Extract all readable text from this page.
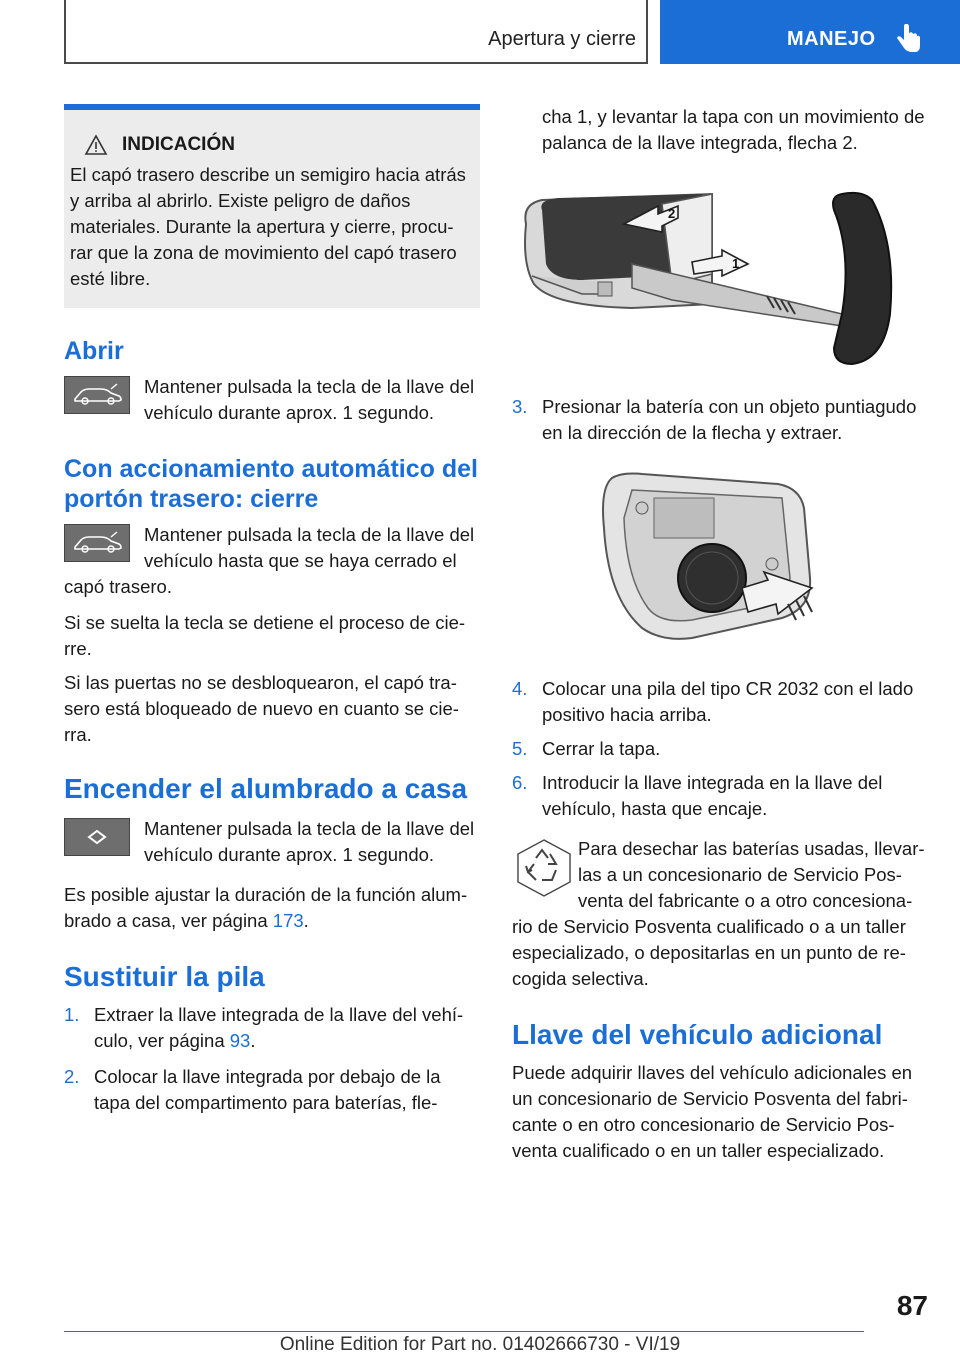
Apertura y cierre	MANEJO
INDICACIÓN

El capó trasero describe un semigiro hacia atrás y arriba al abrirlo. Existe peligro de daños materiales. Durante la apertura y cierre, procu- rar que la zona de movimiento del capó trasero esté libre.

Abrir

Mantener pulsada la tecla de la llave del vehículo durante aprox. 1 segundo.

Con accionamiento automático del portón trasero: cierre

Mantener pulsada la tecla de la llave del vehículo hasta que se haya cerrado el capó trasero.

Si se suelta la tecla se detiene el proceso de cie- rre.

Si las puertas no se desbloquearon, el capó tra- sero está bloqueado de nuevo en cuanto se cie- rra.

Encender el alumbrado a casa

Mantener pulsada la tecla de la llave del vehículo durante aprox. 1 segundo.

Es posible ajustar la duración de la función alum- brado a casa, ver página 173.

Sustituir la pila
1. Extraer la llave integrada de la llave del vehí- culo, ver página 93.
2. Colocar la llave integrada por debajo de la tapa del compartimento para baterías, fle-

cha 1, y levantar la tapa con un movimiento de palanca de la llave integrada, flecha 2.

2
1
3. Presionar la batería con un objeto puntiagudo en la dirección de la flecha y extraer.
4. Colocar una pila del tipo CR 2032 con el lado positivo hacia arriba.
5. Cerrar la tapa.
6. Introducir la llave integrada en la llave del vehículo, hasta que encaje.

Para desechar las baterías usadas, llevar- las a un concesionario de Servicio Pos- venta del fabricante o a otro concesiona- rio de Servicio Posventa cualificado o a un taller especializado, o depositarlas en un punto de re- cogida selectiva.

Llave del vehículo adicional

Puede adquirir llaves del vehículo adicionales en un concesionario de Servicio Posventa del fabri- cante o en otro concesionario de Servicio Pos- venta cualificado o en un taller especializado.

87
Online Edition for Part no. 01402666730 - VI/19
